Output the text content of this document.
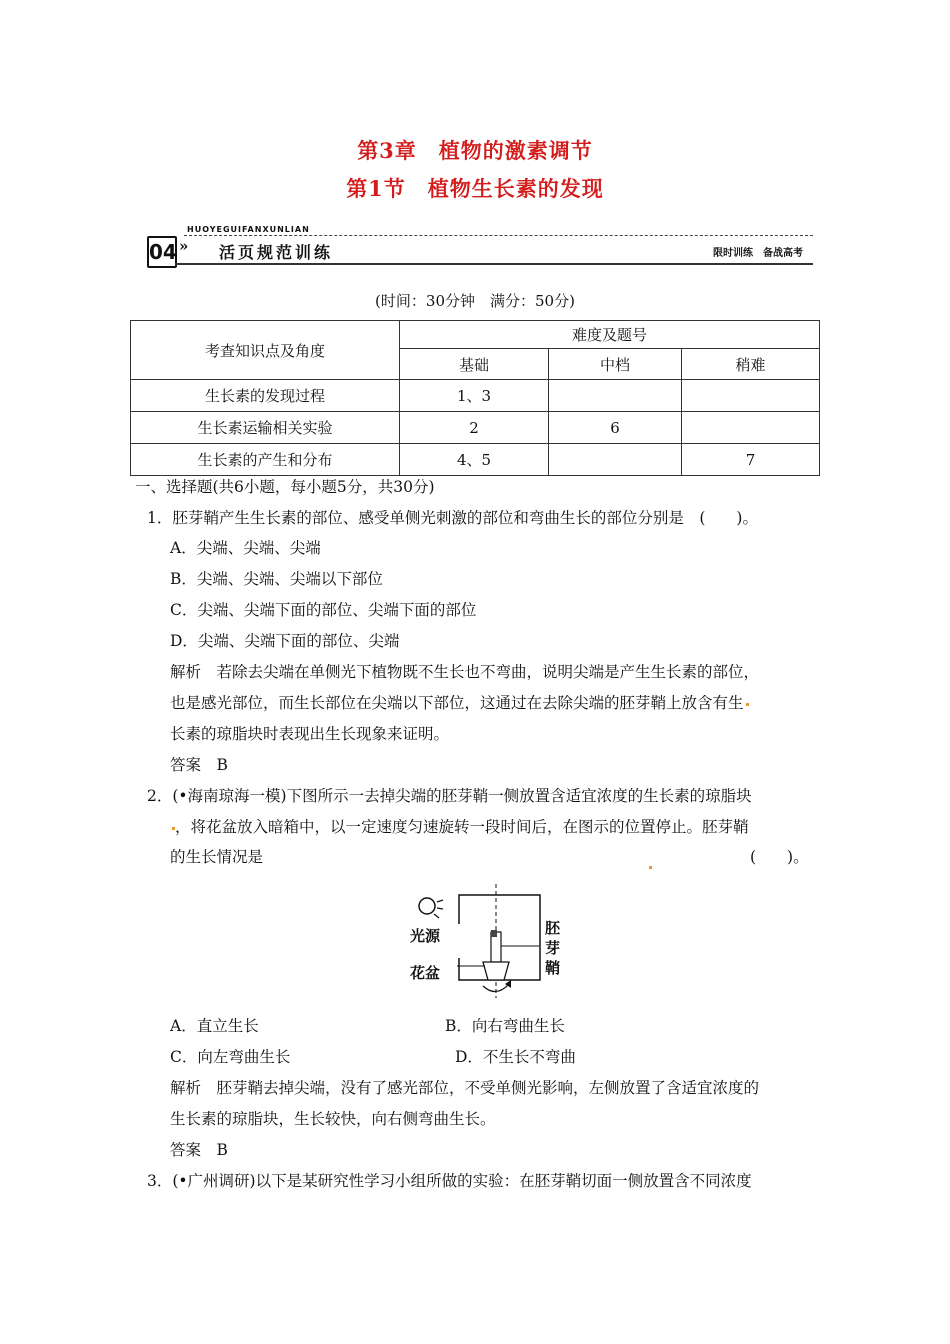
第3章　植物的激素调节
第1节　植物生长素的发现
HUOYEGUIFANXUNLIAN
04 » 活页规范训练	限时训练　备战高考
(时间：30分钟　满分：50分)
考查知识点及角度	难度及题号		
	基础	中档	稍难
生长素的发现过程	1、3		
生长素运输相关实验	2	6	
生长素的产生和分布	4、5		7
一、选择题(共6小题，每小题5分，共30分)
1．胚芽鞘产生生长素的部位、感受单侧光刺激的部位和弯曲生长的部位分别是　(　　)。
A．尖端、尖端、尖端
B．尖端、尖端、尖端以下部位
C．尖端、尖端下面的部位、尖端下面的部位
D．尖端、尖端下面的部位、尖端
解析　若除去尖端在单侧光下植物既不生长也不弯曲，说明尖端是产生生长素的部位，
也是感光部位，而生长部位在尖端以下部位，这通过在去除尖端的胚芽鞘上放含有生
长素的琼脂块时表现出生长现象来证明。
答案　B
2．(•海南琼海一模)下图所示一去掉尖端的胚芽鞘一侧放置含适宜浓度的生长素的琼脂块
，将花盆放入暗箱中，以一定速度匀速旋转一段时间后，在图示的位置停止。胚芽鞘
的生长情况是	(　　)。
光源
花盆
胚芽鞘
A．直立生长	B．向右弯曲生长
C．向左弯曲生长	D．不生长不弯曲
解析　胚芽鞘去掉尖端，没有了感光部位，不受单侧光影响，左侧放置了含适宜浓度的
生长素的琼脂块，生长较快，向右侧弯曲生长。
答案　B
3．(•广州调研)以下是某研究性学习小组所做的实验：在胚芽鞘切面一侧放置含不同浓度
